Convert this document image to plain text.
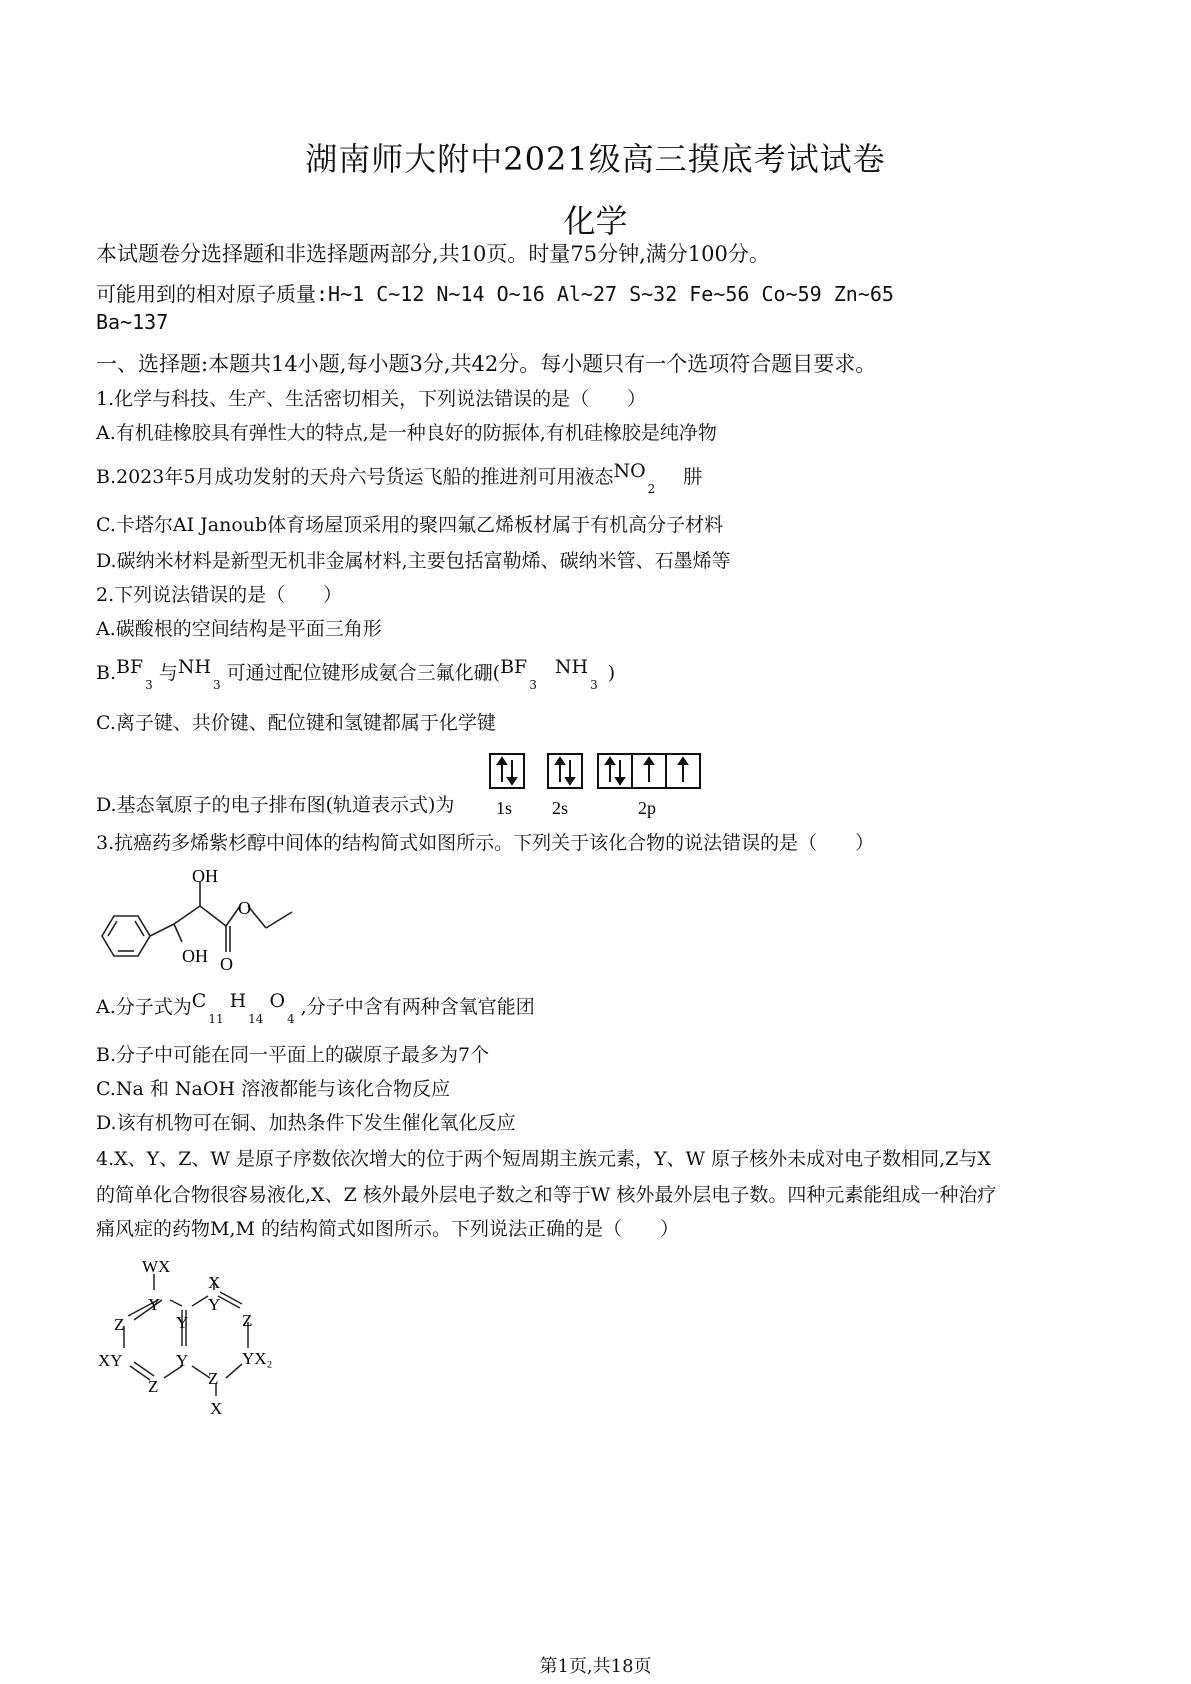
湖南师大附中2021级高三摸底考试试卷
化学
本试题卷分选择题和非选择题两部分,共10页。时量75分钟,满分100分。
可能用到的相对原子质量:H~1 C~12 N~14 O~16 Al~27 S~32 Fe~56 Co~59 Zn~65
Ba~137
一、选择题:本题共14小题,每小题3分,共42分。每小题只有一个选项符合题目要求。
1.化学与科技、生产、生活密切相关，下列说法错误的是（　　）
A.有机硅橡胶具有弹性大的特点,是一种良好的防振体,有机硅橡胶是纯净物
B.2023年5月成功发射的天舟六号货运飞船的推进剂可用液态$NO_2$肼
C.卡塔尔AI Janoub体育场屋顶采用的聚四氟乙烯板材属于有机高分子材料
D.碳纳米材料是新型无机非金属材料,主要包括富勒烯、碳纳米管、石墨烯等
2.下列说法错误的是（　　）
A.碳酸根的空间结构是平面三角形
$B.BF_3$与$NH_3$可通过配位键形成氨合三氟化硼$(BF_3NH_3)$
C.离子键、共价键、配位键和氢键都属于化学键
D.基态氧原子的电子排布图(轨道表示式)为 1s 2s	2p
3.抗癌药多烯紫杉醇中间体的结构简式如图所示。下列关于该化合物的说法错误的是（　　）
OH
OH O
O
A.分子式为$C_{11}H_{14}O_4$,分子中含有两种含氧官能团
B.分子中可能在同一平面上的碳原子最多为7个
C.Na 和 NaOH 溶液都能与该化合物反应
D.该有机物可在铜、加热条件下发生催化氧化反应
4.X、Y、Z、W 是原子序数依次增大的位于两个短周期主族元素，Y、W 原子核外未成对电子数相同,Z与X
的简单化合物很容易液化,X、Z 核外最外层电子数之和等于W 核外最外层电子数。四种元素能组成一种治疗
痛风症的药物M,M 的结构简式如图所示。下列说法正确的是（　　）
WX
X
Y	Y
Z	Z
Y
XY	Y	YX₂
Z	Z
X
第1页,共18页
